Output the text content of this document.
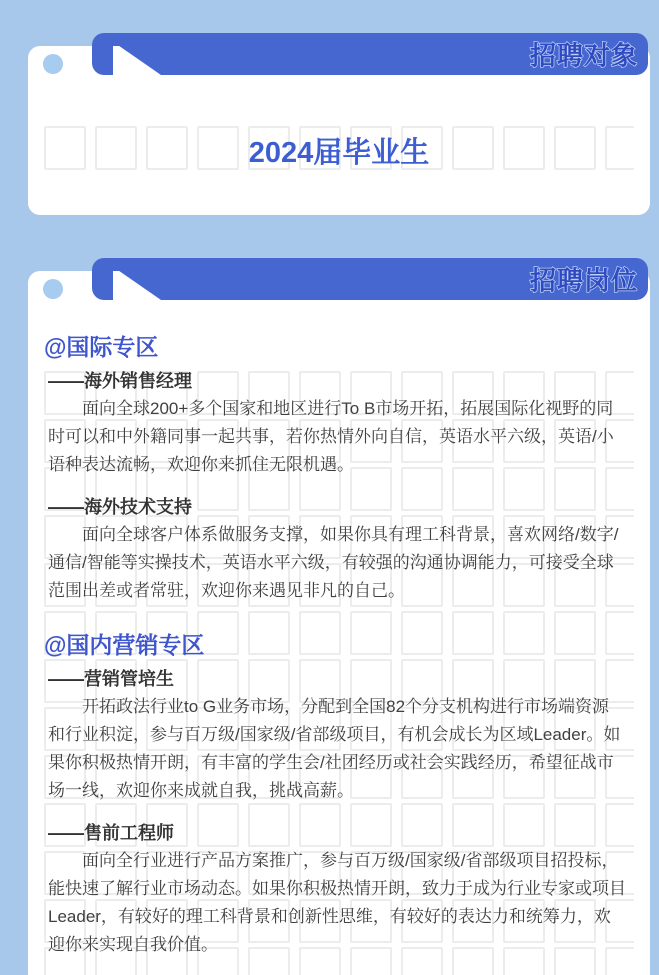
招聘对象

2024届毕业生

招聘岗位
@国际专区

——海外销售经理

面向全球200+多个国家和地区进行To B市场开拓，拓展国际化视野的同时可以和中外籍同事一起共事，若你热情外向自信，英语水平六级，英语/小语种表达流畅，欢迎你来抓住无限机遇。

——海外技术支持

面向全球客户体系做服务支撑，如果你具有理工科背景，喜欢网络/数字/通信/智能等实操技术，英语水平六级，有较强的沟通协调能力，可接受全球范围出差或者常驻，欢迎你来遇见非凡的自己。

@国内营销专区

——营销管培生

开拓政法行业to G业务市场，分配到全国82个分支机构进行市场端资源和行业积淀，参与百万级/国家级/省部级项目，有机会成长为区域Leader。如果你积极热情开朗，有丰富的学生会/社团经历或社会实践经历，希望征战市场一线，欢迎你来成就自我，挑战高薪。

——售前工程师

面向全行业进行产品方案推广，参与百万级/国家级/省部级项目招投标，能快速了解行业市场动态。如果你积极热情开朗，致力于成为行业专家或项目Leader，有较好的理工科背景和创新性思维，有较好的表达力和统筹力，欢迎你来实现自我价值。
